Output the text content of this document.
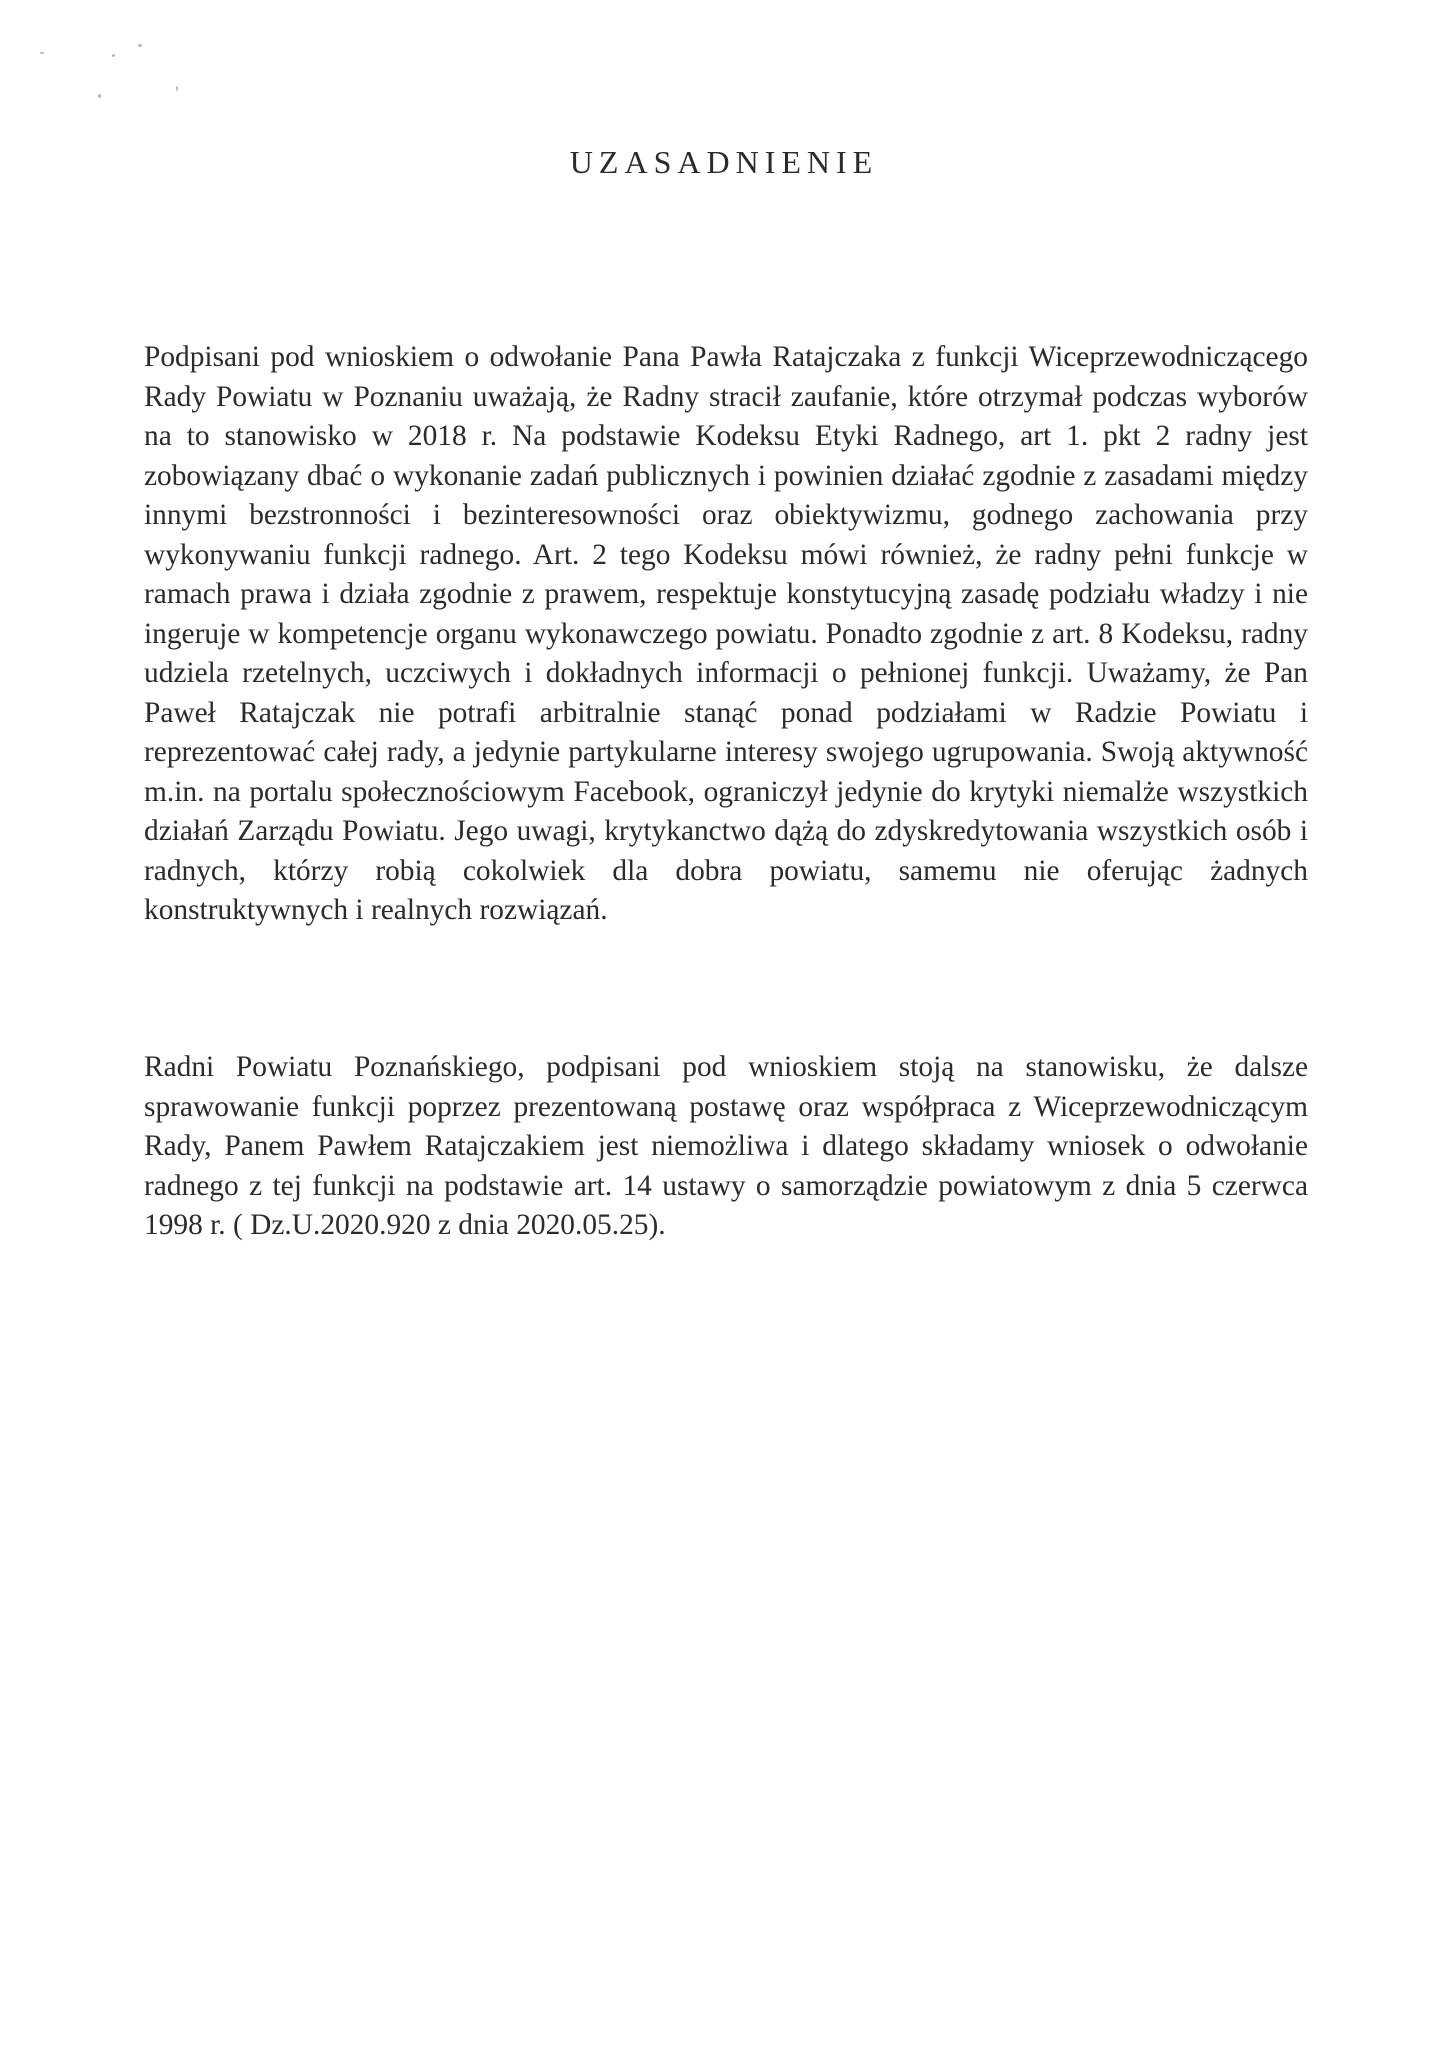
UZASADNIENIE

Podpisani pod wnioskiem o odwołanie Pana Pawła Ratajczaka z funkcji Wiceprzewodniczącego Rady Powiatu w Poznaniu uważają, że Radny stracił zaufanie, które otrzymał podczas wyborów na to stanowisko w 2018 r. Na podstawie Kodeksu Etyki Radnego, art 1. pkt 2 radny jest zobowiązany dbać o wykonanie zadań publicznych i powinien działać zgodnie z zasadami między innymi bezstronności i bezinteresowności oraz obiektywizmu, godnego zachowania przy wykonywaniu funkcji radnego. Art. 2 tego Kodeksu mówi również, że radny pełni funkcje w ramach prawa i działa zgodnie z prawem, respektuje konstytucyjną zasadę podziału władzy i nie ingeruje w kompetencje organu wykonawczego powiatu. Ponadto zgodnie z art. 8 Kodeksu, radny udziela rzetelnych, uczciwych i dokładnych informacji o pełnionej funkcji. Uważamy, że Pan Paweł Ratajczak nie potrafi arbitralnie stanąć ponad podziałami w Radzie Powiatu i reprezentować całej rady, a jedynie partykularne interesy swojego ugrupowania. Swoją aktywność m.in. na portalu społecznościowym Facebook, ograniczył jedynie do krytyki niemalże wszystkich działań Zarządu Powiatu. Jego uwagi, krytykanctwo dążą do zdyskredytowania wszystkich osób i radnych, którzy robią cokolwiek dla dobra powiatu, samemu nie oferując żadnych konstruktywnych i realnych rozwiązań.

Radni Powiatu Poznańskiego, podpisani pod wnioskiem stoją na stanowisku, że dalsze sprawowanie funkcji poprzez prezentowaną postawę oraz współpraca z Wiceprzewodniczącym Rady, Panem Pawłem Ratajczakiem jest niemożliwa i dlatego składamy wniosek o odwołanie radnego z tej funkcji na podstawie art. 14 ustawy o samorządzie powiatowym z dnia 5 czerwca 1998 r. ( Dz.U.2020.920 z dnia 2020.05.25).
